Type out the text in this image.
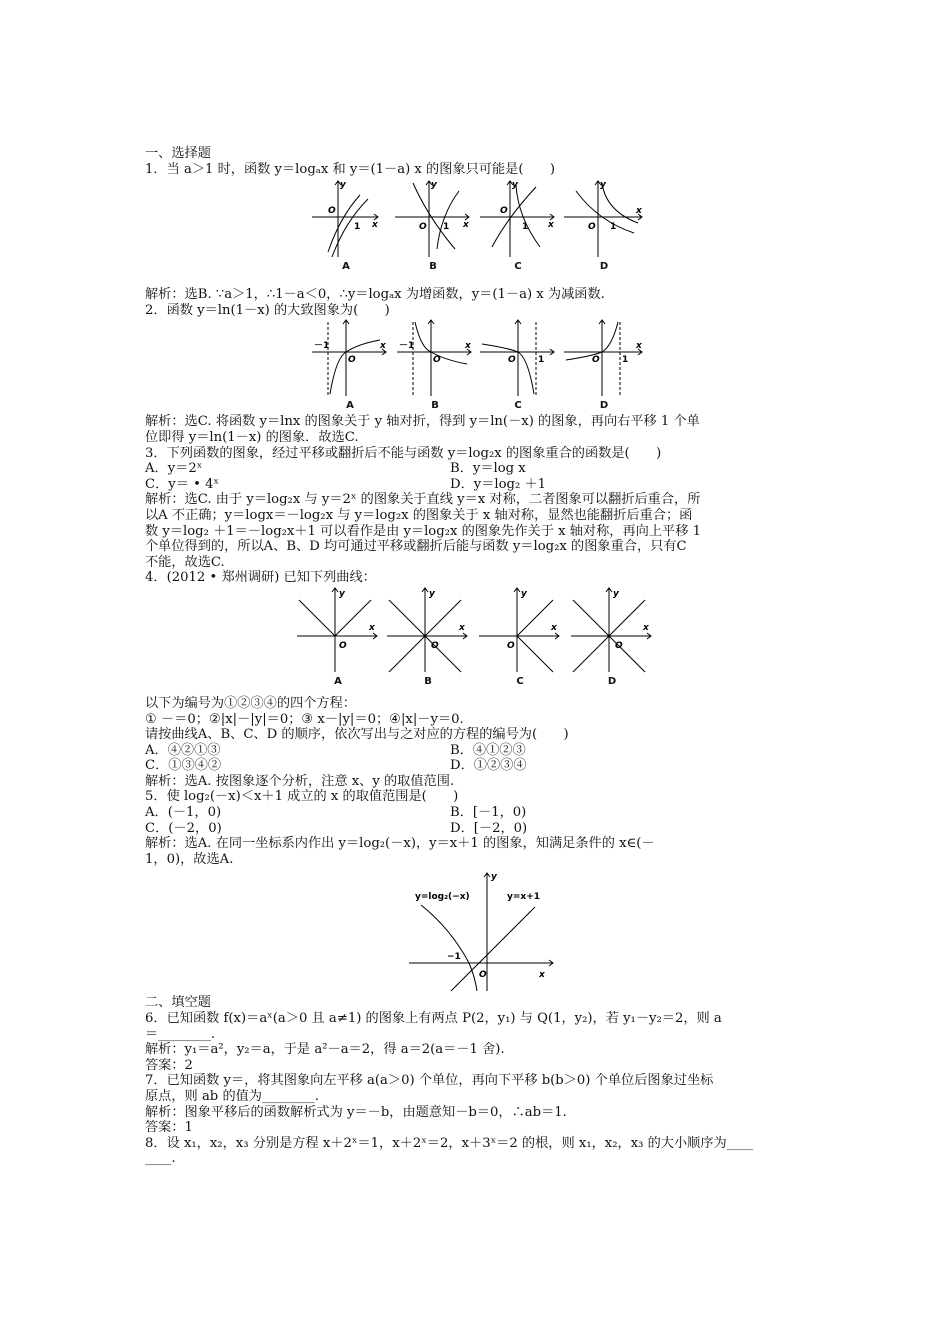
一、选择题
1．当 a＞1 时，函数 y＝logₐx 和 y＝(1－a) x 的图象只可能是(　　)
y
x
O
1
A
y
x
O 1
B
y
x
O
1
C
y
x
O 1
D
解析：选B. ∵a＞1，∴1－a＜0，∴y＝logₐx 为增函数，y＝(1－a) x 为减函数.
2．函数 y＝ln(1－x) 的大致图象为(　　)
－1
O
x
A
－1
O
x
B
O 1
C
O 1
x
D
解析：选C. 将函数 y＝lnx 的图象关于 y 轴对折，得到 y＝ln(－x) 的图象，再向右平移 1 个单
位即得 y＝ln(1－x) 的图象．故选C.
3．下列函数的图象，经过平移或翻折后不能与函数 y＝log₂x 的图象重合的函数是(　　)
A．y＝2ˣ	B．y＝log x
C．y＝ • 4ˣ	D．y＝log₂ ＋1
解析：选C. 由于 y＝log₂x 与 y＝2ˣ 的图象关于直线 y＝x 对称，二者图象可以翻折后重合，所
以A 不正确；y＝logx＝－log₂x 与 y＝log₂x 的图象关于 x 轴对称，显然也能翻折后重合；函
数 y＝log₂ ＋1＝－log₂x＋1 可以看作是由 y＝log₂x 的图象先作关于 x 轴对称，再向上平移 1
个单位得到的，所以A、B、D 均可通过平移或翻折后能与函数 y＝log₂x 的图象重合，只有C
不能，故选C.
4．(2012 • 郑州调研) 已知下列曲线：
y
O
x
A
y
O
x
B
y
O
x
C
y
O
x
D
以下为编号为①②③④的四个方程：
① －＝0；②|x|－|y|＝0；③ x－|y|＝0；④|x|－y＝0.
请按曲线A、B、C、D 的顺序，依次写出与之对应的方程的编号为(　　)
A．④②①③	B．④①②③
C．①③④②	D．①②③④
解析：选A. 按图象逐个分析，注意 x、y 的取值范围.
5．使 log₂(－x)＜x＋1 成立的 x 的取值范围是(　　)
A．(－1，0)	B．[－1，0)
C．(－2，0)	D．[－2，0)
解析：选A. 在同一坐标系内作出 y＝log₂(－x)，y＝x＋1 的图象，知满足条件的 x∈(－
1，0)，故选A.
y=log₂(−x)	y=x+1
−1
O	x
y
二、填空题
6．已知函数 f(x)＝aˣ(a＞0 且 a≠1) 的图象上有两点 P(2，y₁) 与 Q(1，y₂)，若 y₁－y₂＝2，则 a
＝________.
解析：y₁＝a²，y₂＝a，于是 a²－a＝2，得 a＝2(a＝－1 舍).
答案：2
7．已知函数 y＝，将其图象向左平移 a(a＞0) 个单位，再向下平移 b(b＞0) 个单位后图象过坐标
原点，则 ab 的值为________.
解析：图象平移后的函数解析式为 y＝－b，由题意知－b＝0，∴ab＝1.
答案：1
8．设 x₁，x₂，x₃ 分别是方程 x＋2ˣ＝1，x＋2ˣ＝2，x＋3ˣ＝2 的根，则 x₁，x₂，x₃ 的大小顺序为____
____.
